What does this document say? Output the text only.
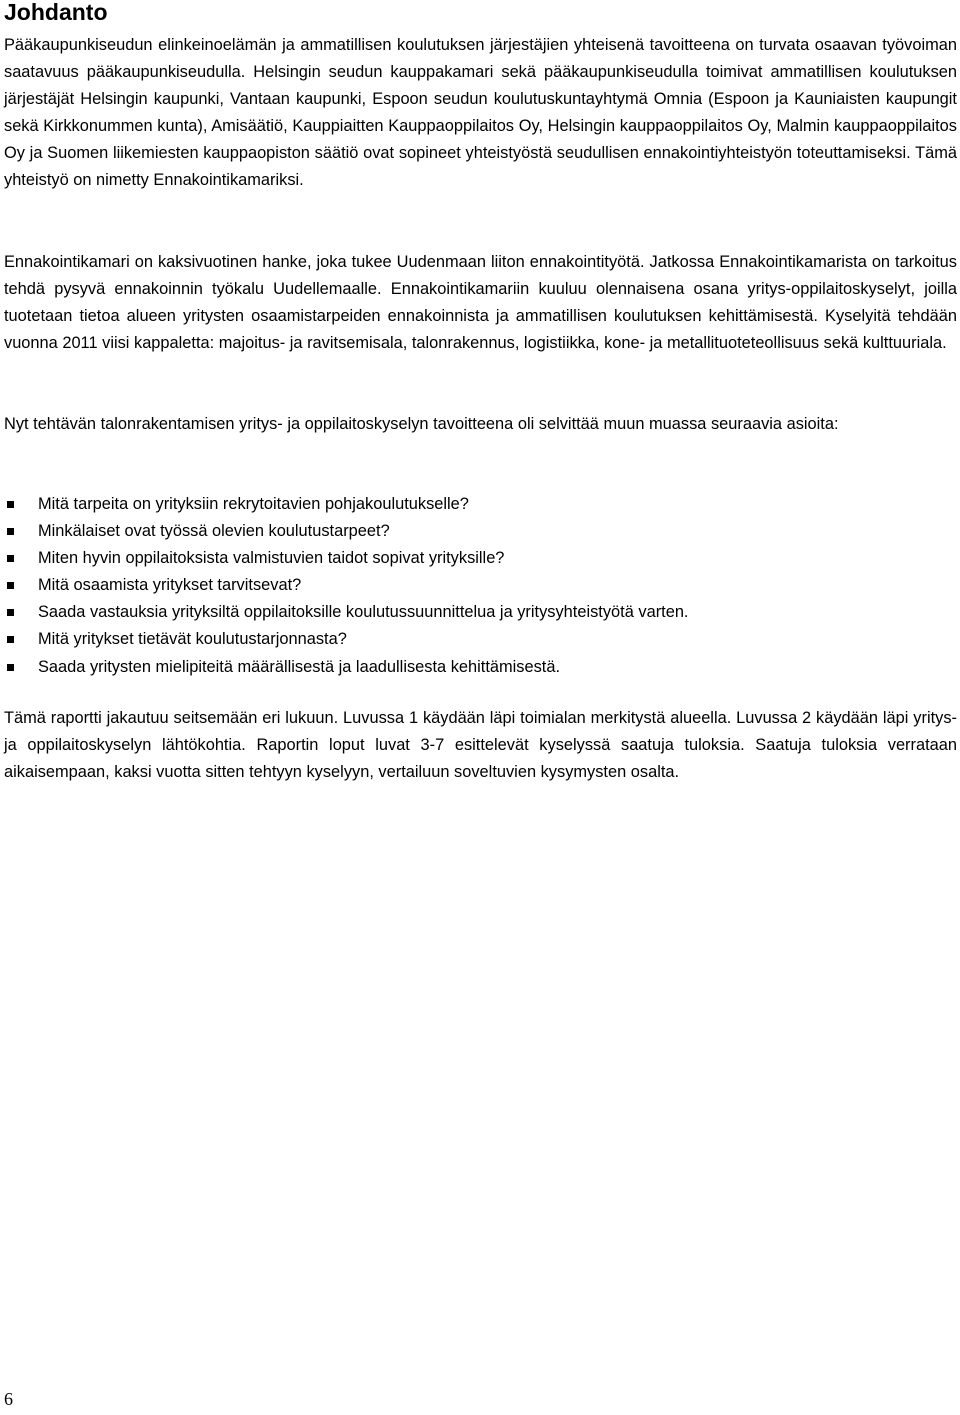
Johdanto

Pääkaupunkiseudun elinkeinoelämän ja ammatillisen koulutuksen järjestäjien yhteisenä tavoitteena on turvata osaavan työvoiman saatavuus pääkaupunkiseudulla. Helsingin seudun kauppakamari sekä pääkaupunkiseudulla toimivat ammatillisen koulutuksen järjestäjät Helsingin kaupunki, Vantaan kaupunki, Espoon seudun koulutuskuntayhtymä Omnia (Espoon ja Kauniaisten kaupungit sekä Kirkkonummen kunta), Amisäätiö, Kauppiaitten Kauppaoppilaitos Oy, Helsingin kauppaoppilaitos Oy, Malmin kauppaoppilaitos Oy ja Suomen liikemiesten kauppaopiston säätiö ovat sopineet yhteistyöstä seudullisen ennakointiyhteistyön toteuttamiseksi. Tämä yhteistyö on nimetty Ennakointikamariksi.

Ennakointikamari on kaksivuotinen hanke, joka tukee Uudenmaan liiton ennakointityötä. Jatkossa Ennakointikamarista on tarkoitus tehdä pysyvä ennakoinnin työkalu Uudellemaalle. Ennakointikamariin kuuluu olennaisena osana yritys-oppilaitoskyselyt, joilla tuotetaan tietoa alueen yritysten osaamistarpeiden ennakoinnista ja ammatillisen koulutuksen kehittämisestä. Kyselyitä tehdään vuonna 2011 viisi kappaletta: majoitus- ja ravitsemisala, talonrakennus, logistiikka, kone- ja metallituoteteollisuus sekä kulttuuriala.

Nyt tehtävän talonrakentamisen yritys- ja oppilaitoskyselyn tavoitteena oli selvittää muun muassa seuraavia asioita:

Mitä tarpeita on yrityksiin rekrytoitavien pohjakoulutukselle?
Minkälaiset ovat työssä olevien koulutustarpeet?
Miten hyvin oppilaitoksista valmistuvien taidot sopivat yrityksille?
Mitä osaamista yritykset tarvitsevat?
Saada vastauksia yrityksiltä oppilaitoksille koulutussuunnittelua ja yritysyhteistyötä varten.
Mitä yritykset tietävät koulutustarjonnasta?
Saada yritysten mielipiteitä määrällisestä ja laadullisesta kehittämisestä.

Tämä raportti jakautuu seitsemään eri lukuun. Luvussa 1 käydään läpi toimialan merkitystä alueella. Luvussa 2 käydään läpi yritys- ja oppilaitoskyselyn lähtökohtia. Raportin loput luvat 3-7 esittelevät kyselyssä saatuja tuloksia. Saatuja tuloksia verrataan aikaisempaan, kaksi vuotta sitten tehtyyn kyselyyn, vertailuun soveltuvien kysymysten osalta.

6
